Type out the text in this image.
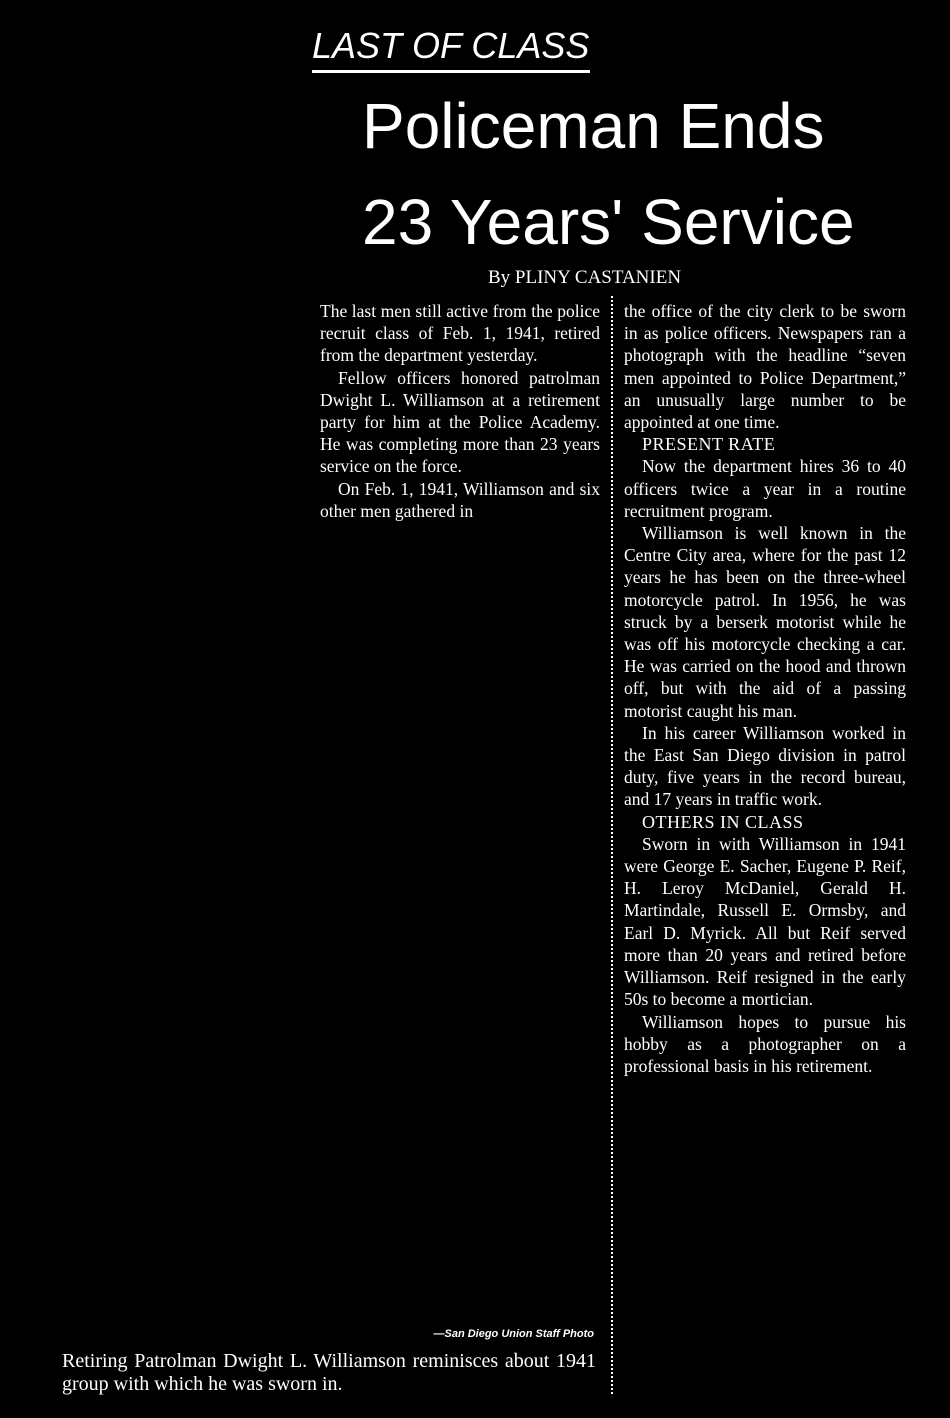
LAST OF CLASS
Policeman Ends
23 Years' Service
By PLINY CASTANIEN

The last men still active from the police recruit class of Feb. 1, 1941, retired from the department yesterday.

Fellow officers honored patrolman Dwight L. Williamson at a retirement party for him at the Police Academy. He was completing more than 23 years service on the force.

On Feb. 1, 1941, Williamson and six other men gathered in

the office of the city clerk to be sworn in as police officers. Newspapers ran a photograph with the headline “seven men appointed to Police Department,” an unusually large number to be appointed at one time.

PRESENT RATE

Now the department hires 36 to 40 officers twice a year in a routine recruitment program.

Williamson is well known in the Centre City area, where for the past 12 years he has been on the three-wheel motorcycle patrol. In 1956, he was struck by a berserk motorist while he was off his motorcycle checking a car. He was carried on the hood and thrown off, but with the aid of a passing motorist caught his man.

In his career Williamson worked in the East San Diego division in patrol duty, five years in the record bureau, and 17 years in traffic work.

OTHERS IN CLASS

Sworn in with Williamson in 1941 were George E. Sacher, Eugene P. Reif, H. Leroy McDaniel, Gerald H. Martindale, Russell E. Ormsby, and Earl D. Myrick. All but Reif served more than 20 years and retired before Williamson. Reif resigned in the early 50s to become a mortician.

Williamson hopes to pursue his hobby as a photographer on a professional basis in his retirement.

—San Diego Union Staff Photo
Retiring Patrolman Dwight L. Williamson reminisces about 1941 group with which he was sworn in.
